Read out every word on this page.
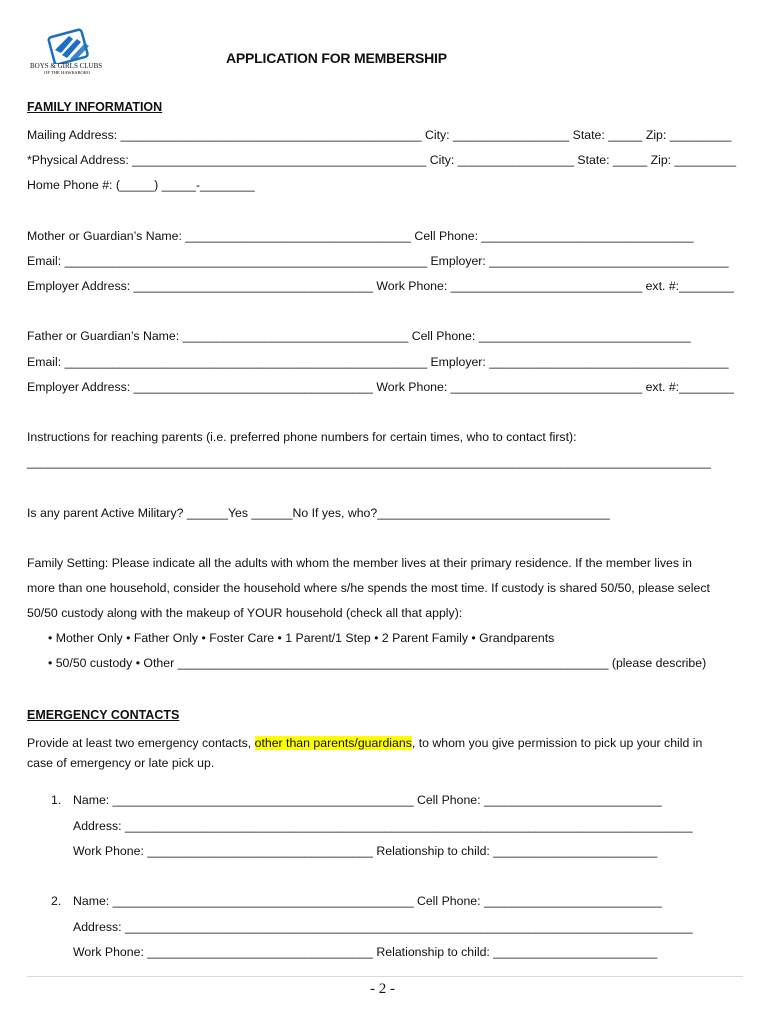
BOYS & GIRLS CLUBS
OF THE HAWKSBORO
APPLICATION FOR MEMBERSHIP
FAMILY INFORMATION
Mailing Address: ____________________________________________ City: _________________ State: _____ Zip: _________
*Physical Address: ___________________________________________ City: _________________ State: _____ Zip: _________
Home Phone #: (_____) _____-________
Mother or Guardian’s Name: _________________________________ Cell Phone: _______________________________
Email: _____________________________________________________ Employer: ___________________________________
Employer Address: ___________________________________ Work Phone: ____________________________ ext. #:________
Father or Guardian’s Name: _________________________________ Cell Phone: _______________________________
Email: _____________________________________________________ Employer: ___________________________________
Employer Address: ___________________________________ Work Phone: ____________________________ ext. #:________
Instructions for reaching parents (i.e. preferred phone numbers for certain times, who to contact first):
____________________________________________________________________________________________________
Is any parent Active Military? ______Yes ______No If yes, who?__________________________________
Family Setting: Please indicate all the adults with whom the member lives at their primary residence. If the member lives in
more than one household, consider the household where s/he spends the most time. If custody is shared 50/50, please select
50/50 custody along with the makeup of YOUR household (check all that apply):
• Mother Only • Father Only • Foster Care • 1 Parent/1 Step • 2 Parent Family • Grandparents
• 50/50 custody • Other _______________________________________________________________ (please describe)
EMERGENCY CONTACTS
Provide at least two emergency contacts, other than parents/guardians, to whom you give permission to pick up your child in
case of emergency or late pick up.
1. Name: ____________________________________________ Cell Phone: __________________________
Address: ___________________________________________________________________________________
Work Phone: _________________________________ Relationship to child: ________________________
2. Name: ____________________________________________ Cell Phone: __________________________
Address: ___________________________________________________________________________________
Work Phone: _________________________________ Relationship to child: ________________________
- 2 -
